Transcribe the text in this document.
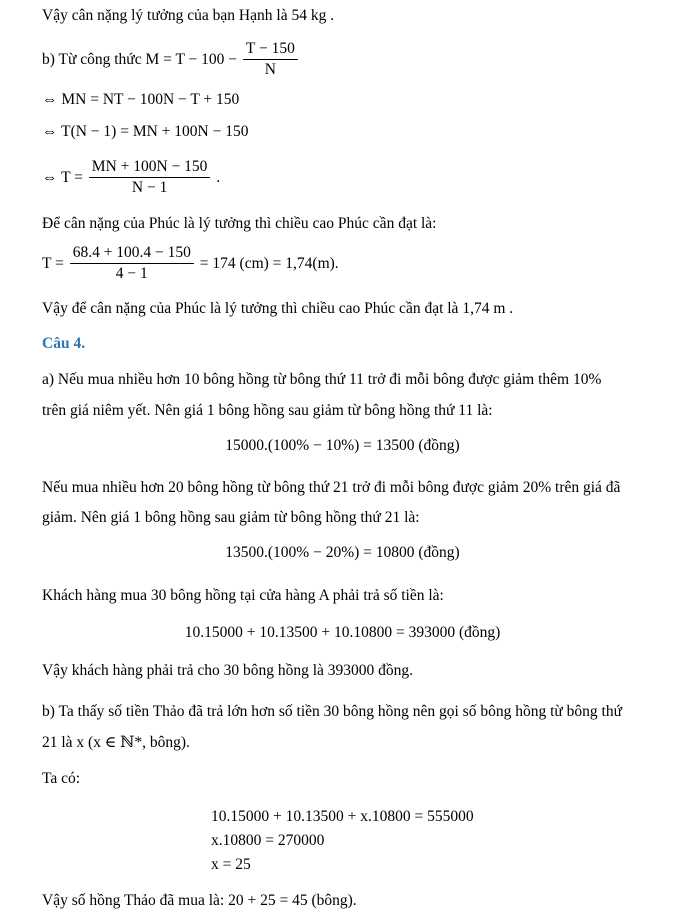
Vậy cân nặng lý tưởng của bạn Hạnh là 54 kg .
b) Từ công thức $M = T - 100 - \frac{T - 150}{N}$
⇔ MN = NT − 100N − T + 150
⇔ T(N − 1) = MN + 100N − 150
⇔ $T = \frac{MN + 100N - 150}{N - 1}$ .
Để cân nặng của Phúc là lý tưởng thì chiều cao Phúc cần đạt là:
$T = \frac{68.4 + 100.4 - 150}{4 - 1} = 174$ (cm) = 1,74(m).
Vậy để cân nặng của Phúc là lý tưởng thì chiều cao Phúc cần đạt là 1,74 m .
Câu 4.
a) Nếu mua nhiều hơn 10 bông hồng từ bông thứ 11 trở đi mỗi bông được giảm thêm 10%
trên giá niêm yết. Nên giá 1 bông hồng sau giảm từ bông hồng thứ 11 là:
15000.(100% − 10%) = 13500 (đồng)
Nếu mua nhiều hơn 20 bông hồng từ bông thứ 21 trở đi mỗi bông được giảm 20% trên giá đã
giảm. Nên giá 1 bông hồng sau giảm từ bông hồng thứ 21 là:
13500.(100% − 20%) = 10800 (đồng)
Khách hàng mua 30 bông hồng tại cửa hàng A phải trả số tiền là:
10.15000 + 10.13500 + 10.10800 = 393000 (đồng)
Vậy khách hàng phải trả cho 30 bông hồng là 393000 đồng.
b) Ta thấy số tiền Thảo đã trả lớn hơn số tiền 30 bông hồng nên gọi số bông hồng từ bông thứ
21 là x (x ∈ ℕ*, bông).
Ta có:
10.15000 + 10.13500 + x.10800 = 555000
x.10800 = 270000
x = 25
Vậy số hồng Thảo đã mua là: 20 + 25 = 45 (bông).
